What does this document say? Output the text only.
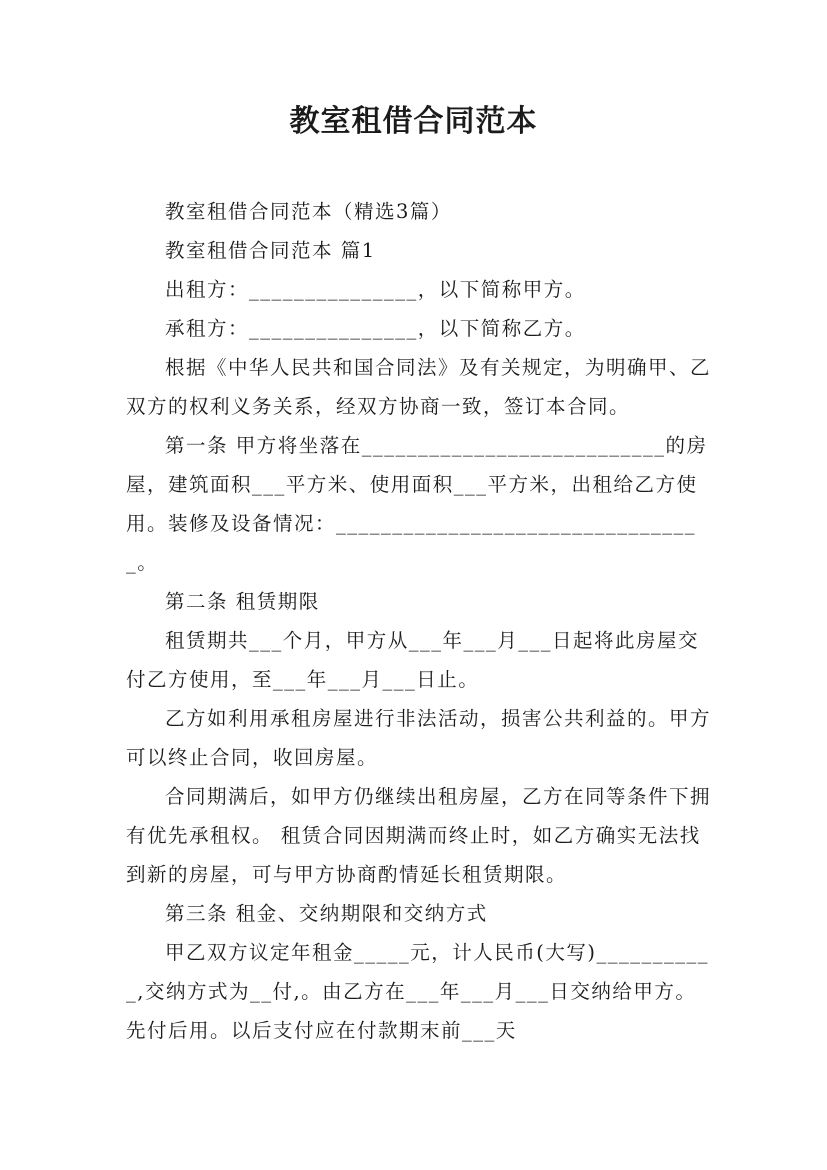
教室租借合同范本

教室租借合同范本（精选3篇）

教室租借合同范本 篇1

出租方：_______________，以下简称甲方。

承租方：_______________，以下简称乙方。

根据《中华人民共和国合同法》及有关规定，为明确甲、乙双方的权利义务关系，经双方协商一致，签订本合同。

第一条 甲方将坐落在___________________________的房屋，建筑面积___平方米、使用面积___平方米，出租给乙方使用。装修及设备情况：_________________________________。

第二条 租赁期限

租赁期共___个月，甲方从___年___月___日起将此房屋交付乙方使用，至___年___月___日止。

乙方如利用承租房屋进行非法活动，损害公共利益的。甲方可以终止合同，收回房屋。

合同期满后，如甲方仍继续出租房屋，乙方在同等条件下拥有优先承租权。 租赁合同因期满而终止时，如乙方确实无法找到新的房屋，可与甲方协商酌情延长租赁期限。

第三条 租金、交纳期限和交纳方式

甲乙双方议定年租金_____元，计人民币(大写)___________,交纳方式为__付,。由乙方在___年___月___日交纳给甲方。先付后用。以后支付应在付款期末前___天
